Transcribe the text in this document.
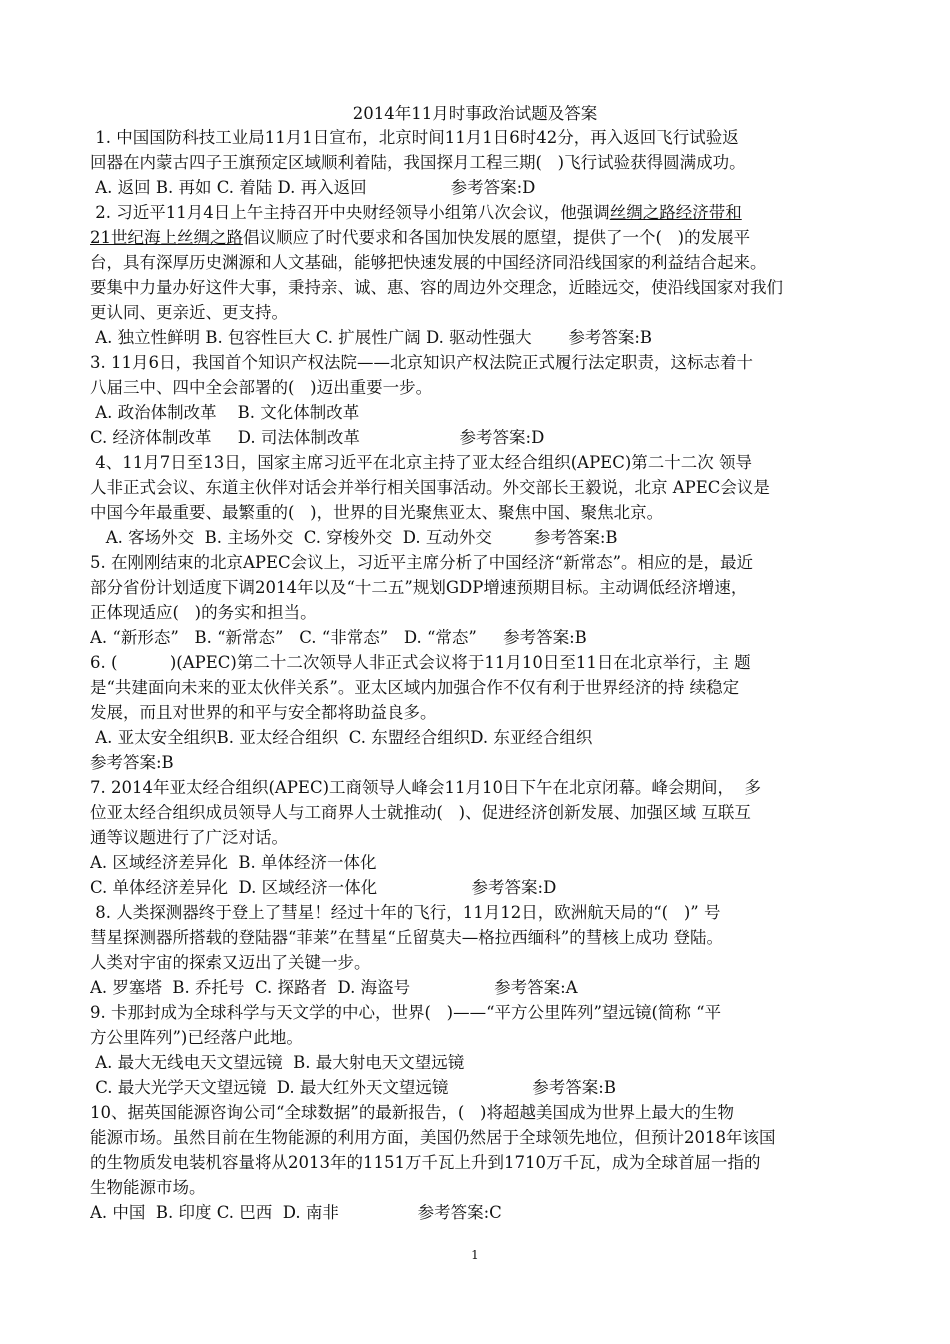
2014年11月时事政治试题及答案
1. 中国国防科技工业局11月1日宣布，北京时间11月1日6时42分，再入返回飞行试验返
回器在内蒙古四子王旗预定区域顺利着陆，我国探月工程三期(   )飞行试验获得圆满成功。
A. 返回 B. 再如 C. 着陆 D. 再入返回                参考答案:D
2. 习近平11月4日上午主持召开中央财经领导小组第八次会议，他强调丝绸之路经济带和
21世纪海上丝绸之路倡议顺应了时代要求和各国加快发展的愿望，提供了一个(   )的发展平
台，具有深厚历史渊源和人文基础，能够把快速发展的中国经济同沿线国家的利益结合起来。
要集中力量办好这件大事，秉持亲、诚、惠、容的周边外交理念，近睦远交，使沿线国家对我们
更认同、更亲近、更支持。
A. 独立性鲜明 B. 包容性巨大 C. 扩展性广阔 D. 驱动性强大       参考答案:B
3. 11月6日，我国首个知识产权法院——北京知识产权法院正式履行法定职责，这标志着十
八届三中、四中全会部署的(   )迈出重要一步。
A. 政治体制改革    B. 文化体制改革
C. 经济体制改革     D. 司法体制改革                   参考答案:D
4、11月7日至13日，国家主席习近平在北京主持了亚太经合组织(APEC)第二十二次 领导
人非正式会议、东道主伙伴对话会并举行相关国事活动。外交部长王毅说，北京 APEC会议是
中国今年最重要、最繁重的(   )，世界的目光聚焦亚太、聚焦中国、聚焦北京。
A. 客场外交  B. 主场外交  C. 穿梭外交  D. 互动外交        参考答案:B
5. 在刚刚结束的北京APEC会议上，习近平主席分析了中国经济“新常态”。相应的是，最近
部分省份计划适度下调2014年以及“十二五”规划GDP增速预期目标。主动调低经济增速，
正体现适应(   )的务实和担当。
A. “新形态”   B. “新常态”   C. “非常态”   D. “常态”     参考答案:B
6. (          )(APEC)第二十二次领导人非正式会议将于11月10日至11日在北京举行，主 题
是“共建面向未来的亚太伙伴关系”。亚太区域内加强合作不仅有利于世界经济的持 续稳定
发展，而且对世界的和平与安全都将助益良多。
A. 亚太安全组织B. 亚太经合组织  C. 东盟经合组织D. 东亚经合组织
参考答案:B
7. 2014年亚太经合组织(APEC)工商领导人峰会11月10日下午在北京闭幕。峰会期间，  多
位亚太经合组织成员领导人与工商界人士就推动(   )、促进经济创新发展、加强区域 互联互
通等议题进行了广泛对话。
A. 区域经济差异化  B. 单体经济一体化
C. 单体经济差异化  D. 区域经济一体化                  参考答案:D
8. 人类探测器终于登上了彗星！经过十年的飞行，11月12日，欧洲航天局的“(   )” 号
彗星探测器所搭载的登陆器“菲莱”在彗星“丘留莫夫—格拉西缅科”的彗核上成功 登陆。
人类对宇宙的探索又迈出了关键一步。
A. 罗塞塔  B. 乔托号  C. 探路者  D. 海盗号                参考答案:A
9. 卡那封成为全球科学与天文学的中心，世界(   )——“平方公里阵列”望远镜(简称 “平
方公里阵列”)已经落户此地。
A. 最大无线电天文望远镜  B. 最大射电天文望远镜
C. 最大光学天文望远镜  D. 最大红外天文望远镜                参考答案:B
10、据英国能源咨询公司“全球数据”的最新报告，(   )将超越美国成为世界上最大的生物
能源市场。虽然目前在生物能源的利用方面，美国仍然居于全球领先地位，但预计2018年该国
的生物质发电装机容量将从2013年的1151万千瓦上升到1710万千瓦，成为全球首屈一指的
生物能源市场。
A. 中国  B. 印度 C. 巴西  D. 南非               参考答案:C
1
